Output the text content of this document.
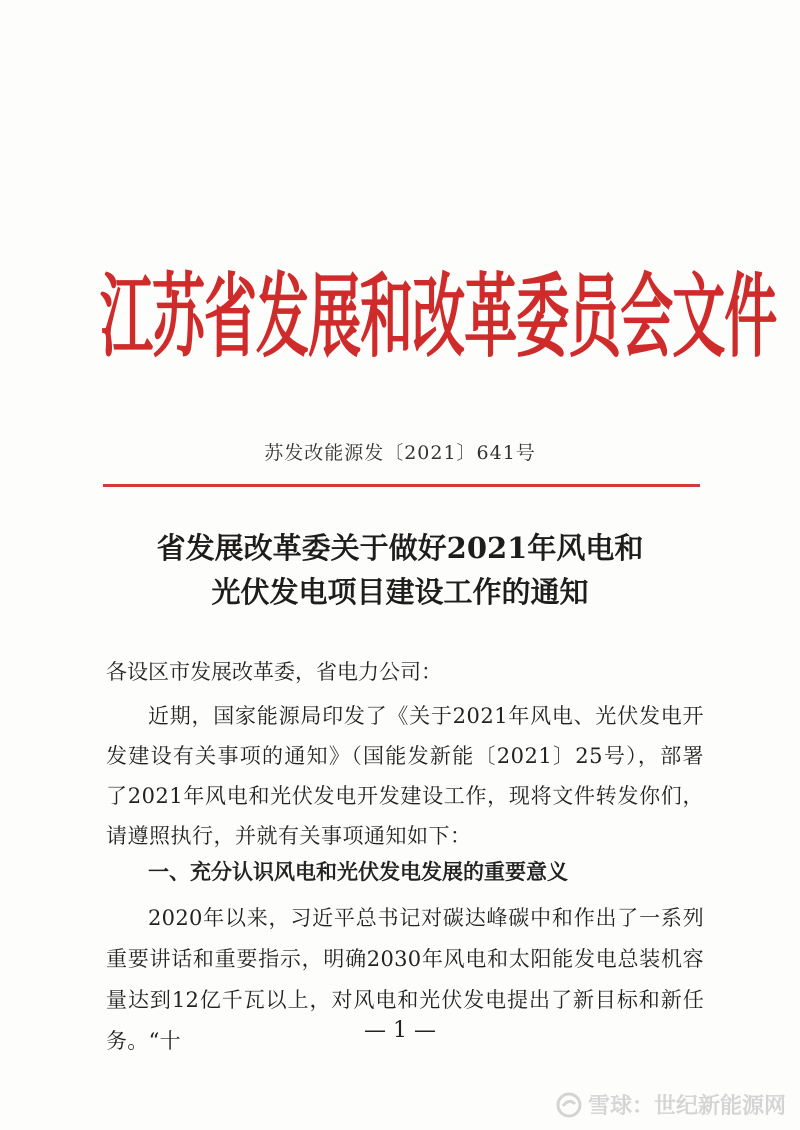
江苏省发展和改革委员会文件
苏发改能源发〔2021〕641号
省发展改革委关于做好2021年风电和
光伏发电项目建设工作的通知
各设区市发展改革委，省电力公司：
近期，国家能源局印发了《关于2021年风电、光伏发电开发建设有关事项的通知》（国能发新能〔2021〕25号），部署了2021年风电和光伏发电开发建设工作，现将文件转发你们，请遵照执行，并就有关事项通知如下：
一、充分认识风电和光伏发电发展的重要意义
2020年以来，习近平总书记对碳达峰碳中和作出了一系列重要讲话和重要指示，明确2030年风电和太阳能发电总装机容量达到12亿千瓦以上，对风电和光伏发电提出了新目标和新任务。“十	— 1 —
雪球：世纪新能源网
